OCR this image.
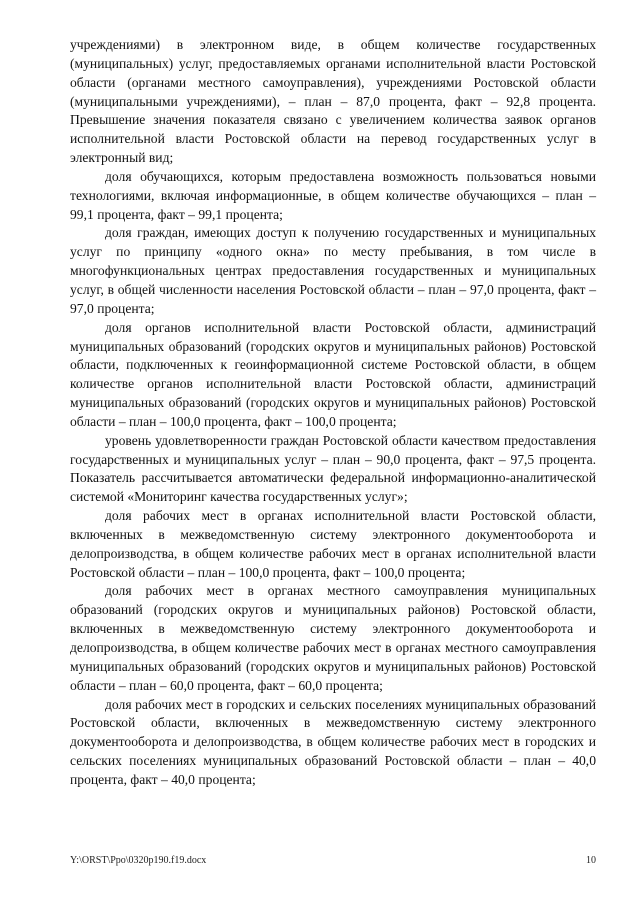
учреждениями) в электронном виде, в общем количестве государственных (муниципальных) услуг, предоставляемых органами исполнительной власти Ростовской области (органами местного самоуправления), учреждениями Ростовской области (муниципальными учреждениями), – план – 87,0 процента, факт – 92,8 процента. Превышение значения показателя связано с увеличением количества заявок органов исполнительной власти Ростовской области на перевод государственных услуг в электронный вид;

доля обучающихся, которым предоставлена возможность пользоваться новыми технологиями, включая информационные, в общем количестве обучающихся – план – 99,1 процента, факт – 99,1 процента;

доля граждан, имеющих доступ к получению государственных и муниципальных услуг по принципу «одного окна» по месту пребывания, в том числе в многофункциональных центрах предоставления государственных и муниципальных услуг, в общей численности населения Ростовской области – план – 97,0 процента, факт – 97,0 процента;

доля органов исполнительной власти Ростовской области, администраций муниципальных образований (городских округов и муниципальных районов) Ростовской области, подключенных к геоинформационной системе Ростовской области, в общем количестве органов исполнительной власти Ростовской области, администраций муниципальных образований (городских округов и муниципальных районов) Ростовской области – план – 100,0 процента, факт – 100,0 процента;

уровень удовлетворенности граждан Ростовской области качеством предоставления государственных и муниципальных услуг – план – 90,0 процента, факт – 97,5 процента. Показатель рассчитывается автоматически федеральной информационно-аналитической системой «Мониторинг качества государственных услуг»;

доля рабочих мест в органах исполнительной власти Ростовской области, включенных в межведомственную систему электронного документооборота и делопроизводства, в общем количестве рабочих мест в органах исполнительной власти Ростовской области – план – 100,0 процента, факт – 100,0 процента;

доля рабочих мест в органах местного самоуправления муниципальных образований (городских округов и муниципальных районов) Ростовской области, включенных в межведомственную систему электронного документооборота и делопроизводства, в общем количестве рабочих мест в органах местного самоуправления муниципальных образований (городских округов и муниципальных районов) Ростовской области – план – 60,0 процента, факт – 60,0 процента;

доля рабочих мест в городских и сельских поселениях муниципальных образований Ростовской области, включенных в межведомственную систему электронного документооборота и делопроизводства, в общем количестве рабочих мест в городских и сельских поселениях муниципальных образований Ростовской области – план – 40,0 процента, факт – 40,0 процента;

Y:\ORST\Ppo\0320p190.f19.docx	10
